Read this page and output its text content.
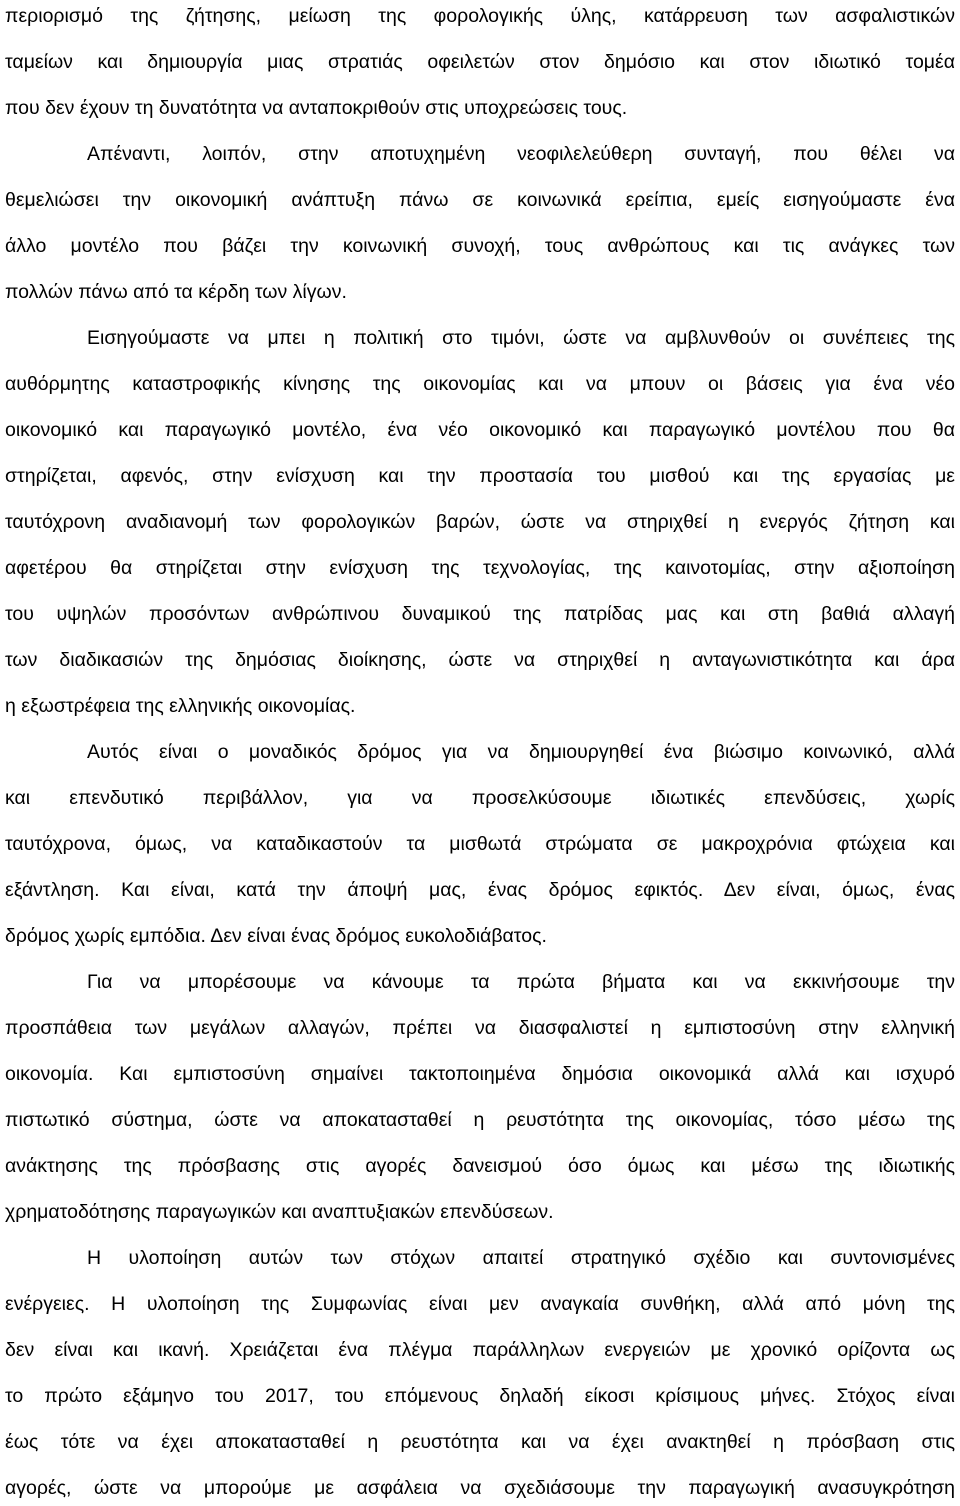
περιορισμό της ζήτησης, μείωση της φορολογικής ύλης, κατάρρευση των ασφαλιστικών
ταμείων και δημιουργία μιας στρατιάς οφειλετών στον δημόσιο και στον ιδιωτικό τομέα
που δεν έχουν τη δυνατότητα να ανταποκριθούν στις υποχρεώσεις τους.
Απέναντι, λοιπόν, στην αποτυχημένη νεοφιλελεύθερη συνταγή, που θέλει να
θεμελιώσει την οικονομική ανάπτυξη πάνω σε κοινωνικά ερείπια, εμείς εισηγούμαστε ένα
άλλο μοντέλο που βάζει την κοινωνική συνοχή, τους ανθρώπους και τις ανάγκες των
πολλών πάνω από τα κέρδη των λίγων.
Εισηγούμαστε να μπει η πολιτική στο τιμόνι, ώστε να αμβλυνθούν οι συνέπειες της
αυθόρμητης καταστροφικής κίνησης της οικονομίας και να μπουν οι βάσεις για ένα νέο
οικονομικό και παραγωγικό μοντέλο, ένα νέο οικονομικό και παραγωγικό μοντέλου που θα
στηρίζεται, αφενός, στην ενίσχυση και την προστασία του μισθού και της εργασίας με
ταυτόχρονη αναδιανομή των φορολογικών βαρών, ώστε να στηριχθεί η ενεργός ζήτηση και
αφετέρου θα στηρίζεται στην ενίσχυση της τεχνολογίας, της καινοτομίας, στην αξιοποίηση
του υψηλών προσόντων ανθρώπινου δυναμικού της πατρίδας μας και στη βαθιά αλλαγή
των διαδικασιών της δημόσιας διοίκησης, ώστε να στηριχθεί η ανταγωνιστικότητα και άρα
η εξωστρέφεια της ελληνικής οικονομίας.
Αυτός είναι ο μοναδικός δρόμος για να δημιουργηθεί ένα βιώσιμο κοινωνικό, αλλά
και επενδυτικό περιβάλλον, για να προσελκύσουμε ιδιωτικές επενδύσεις, χωρίς
ταυτόχρονα, όμως, να καταδικαστούν τα μισθωτά στρώματα σε μακροχρόνια φτώχεια και
εξάντληση. Και είναι, κατά την άποψή μας, ένας δρόμος εφικτός. Δεν είναι, όμως, ένας
δρόμος χωρίς εμπόδια. Δεν είναι ένας δρόμος ευκολοδιάβατος.
Για να μπορέσουμε να κάνουμε τα πρώτα βήματα και να εκκινήσουμε την
προσπάθεια των μεγάλων αλλαγών, πρέπει να διασφαλιστεί η εμπιστοσύνη στην ελληνική
οικονομία. Και εμπιστοσύνη σημαίνει τακτοποιημένα δημόσια οικονομικά αλλά και ισχυρό
πιστωτικό σύστημα, ώστε να αποκατασταθεί η ρευστότητα της οικονομίας, τόσο μέσω της
ανάκτησης της πρόσβασης στις αγορές δανεισμού όσο όμως και μέσω της ιδιωτικής
χρηματοδότησης παραγωγικών και αναπτυξιακών επενδύσεων.
Η υλοποίηση αυτών των στόχων απαιτεί στρατηγικό σχέδιο και συντονισμένες
ενέργειες. Η υλοποίηση της Συμφωνίας είναι μεν αναγκαία συνθήκη, αλλά από μόνη της
δεν είναι και ικανή. Χρειάζεται ένα πλέγμα παράλληλων ενεργειών με χρονικό ορίζοντα ως
το πρώτο εξάμηνο του 2017, του επόμενους δηλαδή είκοσι κρίσιμους μήνες. Στόχος είναι
έως τότε να έχει αποκατασταθεί η ρευστότητα και να έχει ανακτηθεί η πρόσβαση στις
αγορές, ώστε να μπορούμε με ασφάλεια να σχεδιάσουμε την παραγωγική ανασυγκρότηση
